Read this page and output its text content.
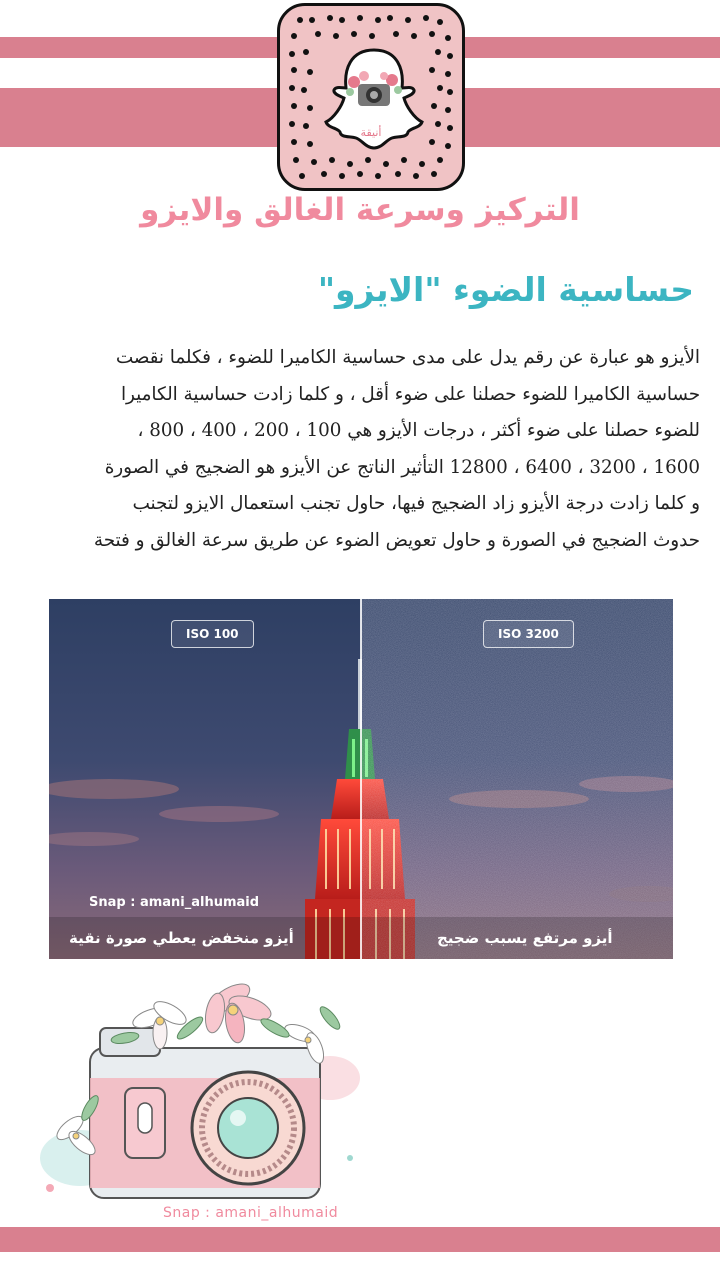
أنيقة
التركيز وسرعة الغالق والايزو
حساسية الضوء "الايزو"
الأيزو هو عبارة عن رقم يدل على مدى حساسية الكاميرا للضوء ، فكلما نقصت
حساسية الكاميرا للضوء حصلنا على ضوء أقل ، و كلما زادت حساسية الكاميرا
للضوء حصلنا على ضوء أكثر ، درجات الأيزو هي 100 ، 200 ، 400 ، 800 ،
1600 ، 3200 ، 6400 ، 12800 التأثير الناتج عن الأيزو هو الضجيج في الصورة
و كلما زادت درجة الأيزو زاد الضجيج فيها، حاول تجنب استعمال الايزو لتجنب
حدوث الضجيج في الصورة و حاول تعويض الضوء عن طريق سرعة الغالق و فتحة
ISO 100	ISO 3200
Snap : amani_alhumaid
أيزو منخفض يعطي صورة نقية	أيزو مرتفع يسبب ضجيج
Snap : amani_alhumaid
